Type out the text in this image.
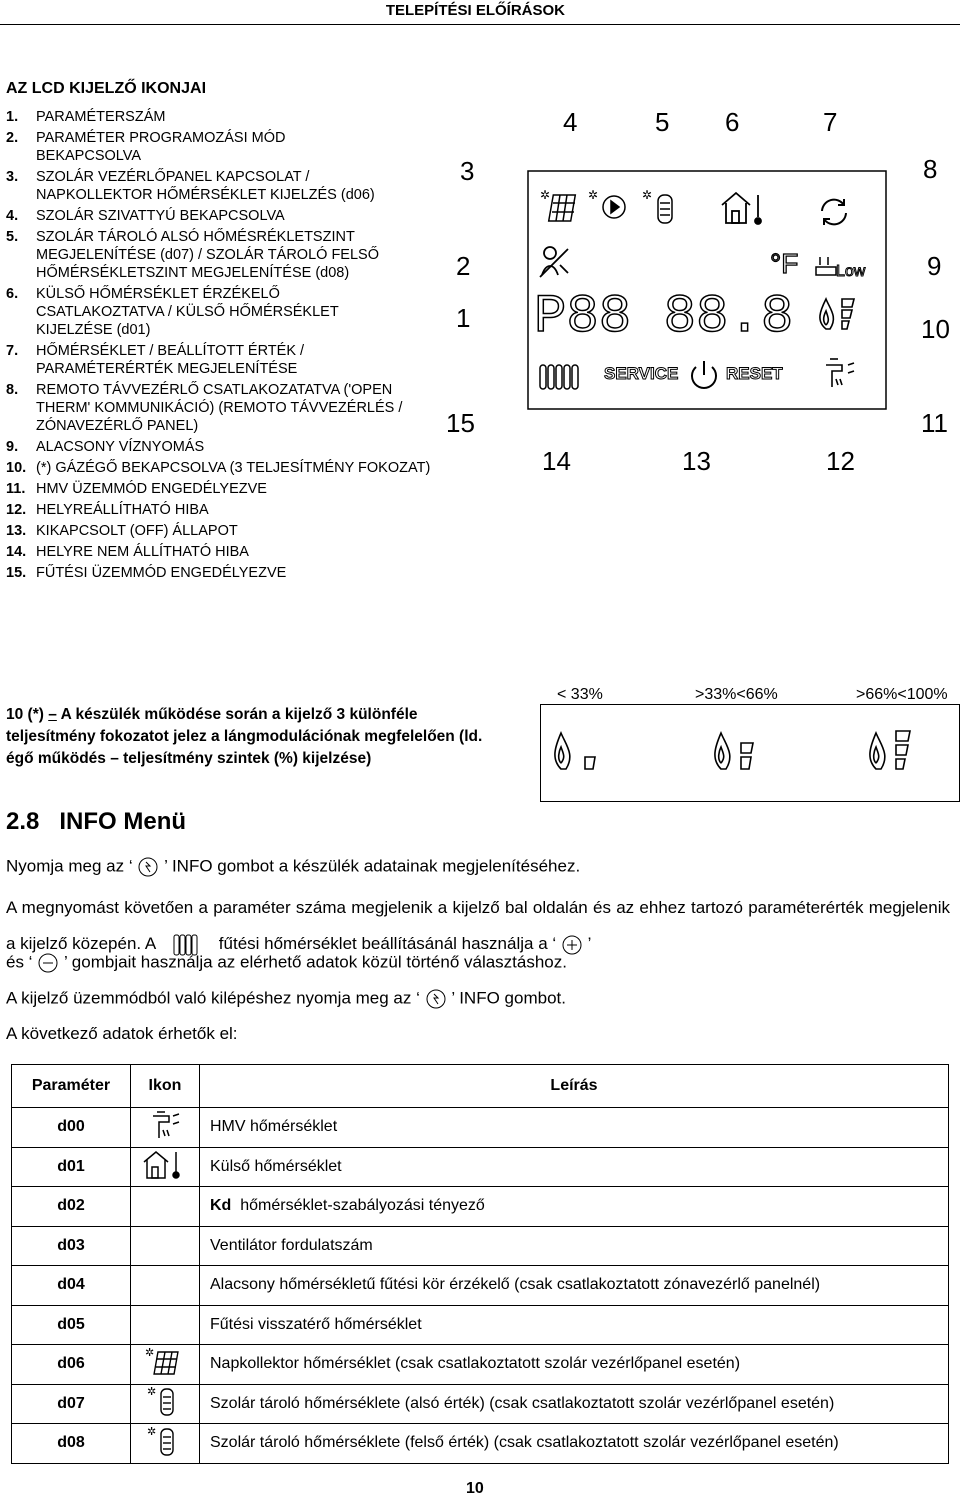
TELEPÍTÉSI ELŐÍRÁSOK
AZ LCD KIJELZŐ IKONJAI
1.	PARAMÉTERSZÁM
2.	PARAMÉTER PROGRAMOZÁSI MÓD BEKAPCSOLVA
3.	SZOLÁR VEZÉRLŐPANEL KAPCSOLAT / NAPKOLLEKTOR HŐMÉRSÉKLET KIJELZÉS (d06)
4.	SZOLÁR SZIVATTYÚ BEKAPCSOLVA
5.	SZOLÁR TÁROLÓ ALSÓ HŐMÉSRÉKLETSZINT MEGJELENÍTÉSE (d07) / SZOLÁR TÁROLÓ FELSŐ HŐMÉRSÉKLETSZINT MEGJELENÍTÉSE (d08)
6.	KÜLSŐ HŐMÉRSÉKLET ÉRZÉKELŐ CSATLAKOZTATVA / KÜLSŐ HŐMÉRSÉKLET KIJELZÉSE (d01)
7.	HŐMÉRSÉKLET / BEÁLLÍTOTT ÉRTÉK / PARAMÉTERÉRTÉK MEGJELENÍTÉSE
8.	REMOTO TÁVVEZÉRLŐ CSATLAKOZATATVA ('OPEN THERM' KOMMUNIKÁCIÓ) (REMOTO TÁVVEZÉRLÉS / ZÓNAVEZÉRLŐ PANEL)
9.	ALACSONY VÍZNYOMÁS
10. (*) GÁZÉGŐ BEKAPCSOLVA (3 TELJESÍTMÉNY FOKOZAT)
11. HMV ÜZEMMÓD ENGEDÉLYEZVE
12. HELYREÁLLÍTHATÓ HIBA
13. KIKAPCSOLT (OFF) ÁLLAPOT
14. HELYRE NEM ÁLLÍTHATÓ HIBA
15. FŰTÉSI ÜZEMMÓD ENGEDÉLYEZVE
10 (*) – A készülék működése során a kijelző 3 különféle teljesítmény fokozatot jelez a lángmodulációnak megfelelően (ld. égő működés – teljesítmény szintek (%) kijelzése)
4	5 6	7
3	8
2	9
1	10
15	11
14	13	12
✲	✲	✲
P88 88.8
°F Low
SERVICE	RESET
< 33%	>33%<66%	>66%<100%
2.8 INFO Menü
Nyomja meg az ‘ ’ INFO gombot a készülék adatainak megjelenítéséhez.
A megnyomást követően a paraméter száma megjelenik a kijelző bal oldalán és az ehhez tartozó paraméterérték megjelenik a kijelző közepén. A	fűtési hőmérséklet beállításánál használja a ‘ ’
és ‘ ’ gombjait használja az elérhető adatok közül történő választáshoz.
A kijelző üzemmódból való kilépéshez nyomja meg az ‘ ’ INFO gombot.
A következő adatok érhetők el:
Paraméter	Ikon	Leírás
d00		HMV hőmérséklet
d01		Külső hőmérséklet
d02		Kd hőmérséklet-szabályozási tényező
d03		Ventilátor fordulatszám
d04		Alacsony hőmérsékletű fűtési kör érzékelő (csak csatlakoztatott zónavezérlő panelnél)
d05		Fűtési visszatérő hőmérséklet
d06	✲	Napkollektor hőmérséklet (csak csatlakoztatott szolár vezérlőpanel esetén)
d07	✲	Szolár tároló hőmérséklete (alsó érték) (csak csatlakoztatott szolár vezérlőpanel esetén)
d08	✲	Szolár tároló hőmérséklete (felső érték) (csak csatlakoztatott szolár vezérlőpanel esetén)
10
